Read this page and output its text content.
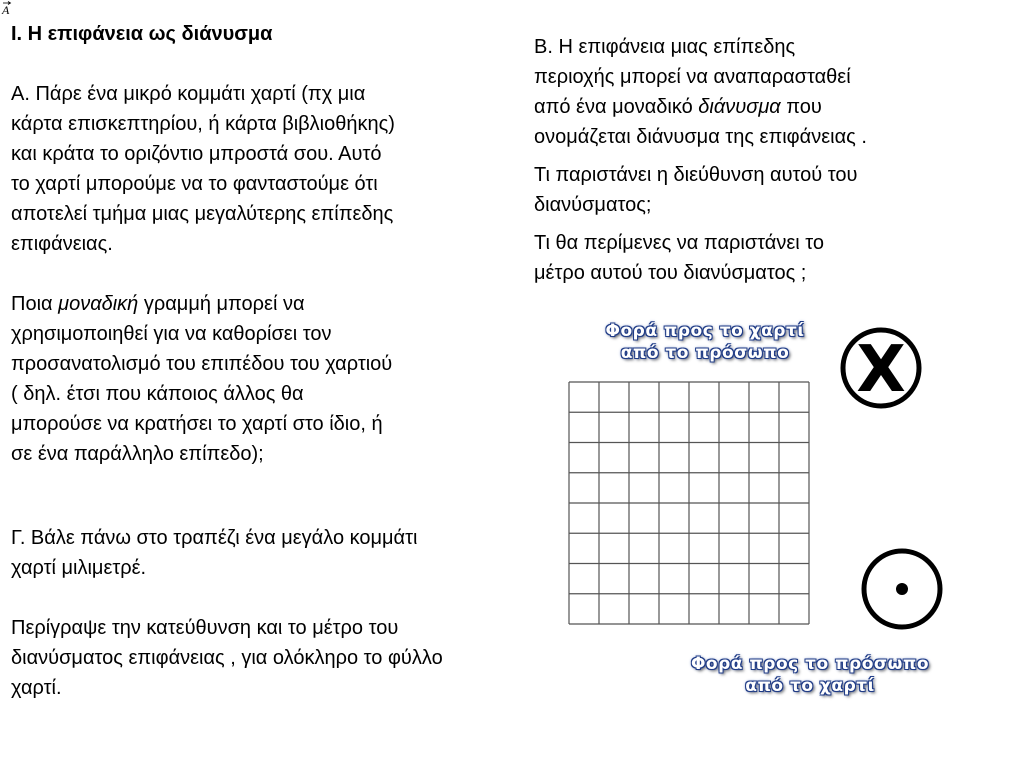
A

Ι. Η επιφάνεια ως διάνυσμα

Α. Πάρε ένα μικρό κομμάτι χαρτί (πχ μια

κάρτα επισκεπτηρίου, ή κάρτα βιβλιοθήκης)

και κράτα το οριζόντιο μπροστά σου. Αυτό

το χαρτί μπορούμε να το φανταστούμε ότι

αποτελεί τμήμα μιας μεγαλύτερης επίπεδης

επιφάνειας.

Ποια μοναδική γραμμή μπορεί να

χρησιμοποιηθεί για να καθορίσει τον

προσανατολισμό του επιπέδου του χαρτιού

( δηλ. έτσι που κάποιος άλλος θα

μπορούσε να κρατήσει το χαρτί στο ίδιο, ή

σε ένα παράλληλο επίπεδο);

Γ. Βάλε πάνω στο τραπέζι ένα μεγάλο κομμάτι

χαρτί μιλιμετρέ.

Περίγραψε την κατεύθυνση και το μέτρο του

διανύσματος επιφάνειας , για ολόκληρο το φύλλο

χαρτί.

Β. Η επιφάνεια μιας επίπεδης
περιοχής μπορεί να αναπαρασταθεί
από ένα μοναδικό διάνυσμα που
ονομάζεται διάνυσμα της επιφάνειας .

Τι παριστάνει η διεύθυνση αυτού του
διανύσματος;

Τι θα περίμενες να παριστάνει το
μέτρο αυτού του διανύσματος ;

Φορά προς το χαρτί
από το πρόσωπο	X
Φορά προς το πρόσωπο
από το χαρτί
